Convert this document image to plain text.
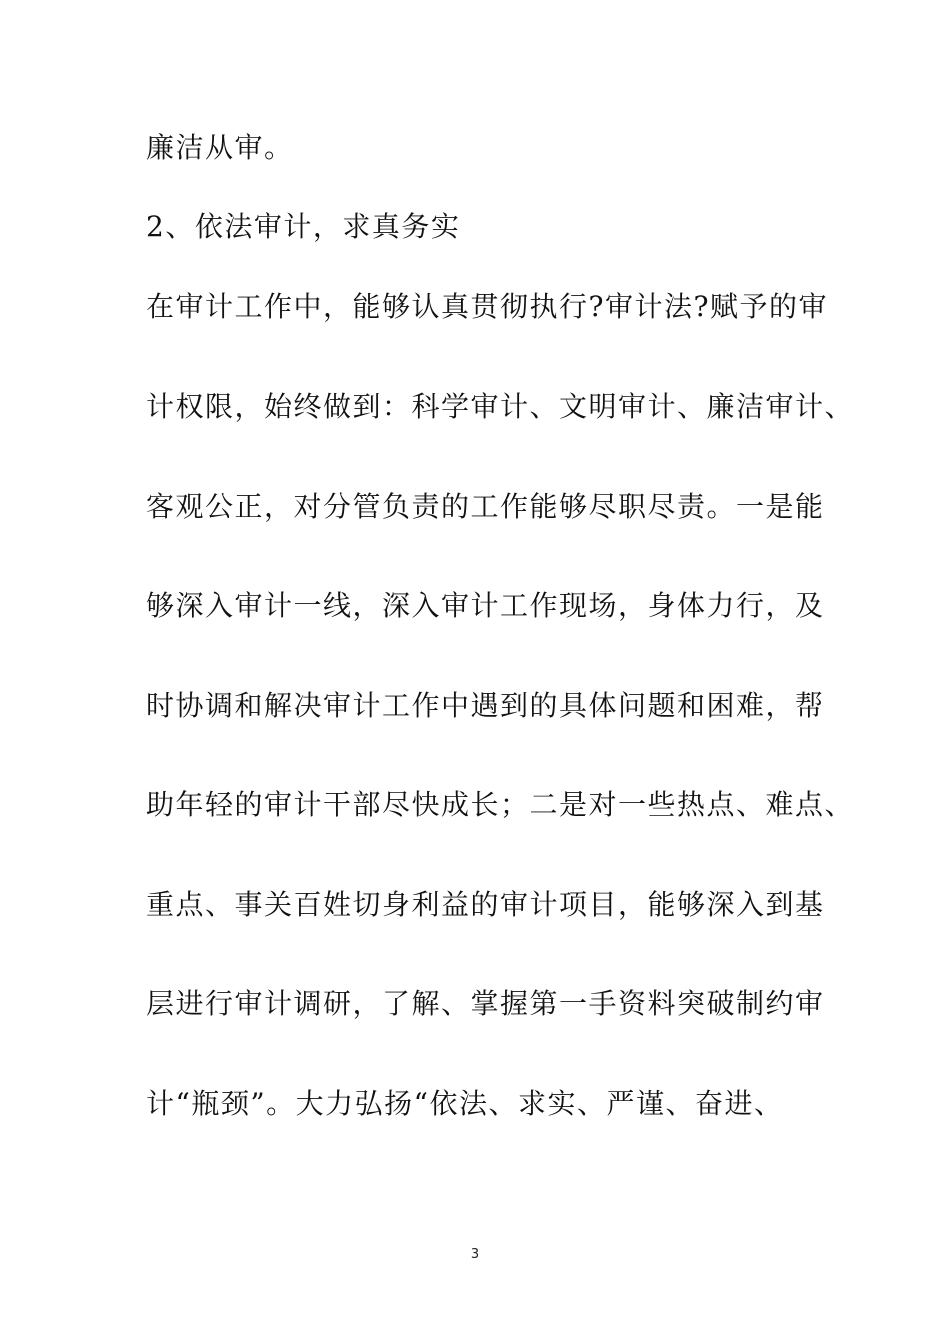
廉洁从审。
2、依法审计，求真务实
在审计工作中，能够认真贯彻执行?审计法?赋予的审
计权限，始终做到：科学审计、文明审计、廉洁审计、
客观公正，对分管负责的工作能够尽职尽责。一是能
够深入审计一线，深入审计工作现场，身体力行，及
时协调和解决审计工作中遇到的具体问题和困难，帮
助年轻的审计干部尽快成长；二是对一些热点、难点、
重点、事关百姓切身利益的审计项目，能够深入到基
层进行审计调研，了解、掌握第一手资料突破制约审
计“瓶颈”。大力弘扬“依法、求实、严谨、奋进、
3
